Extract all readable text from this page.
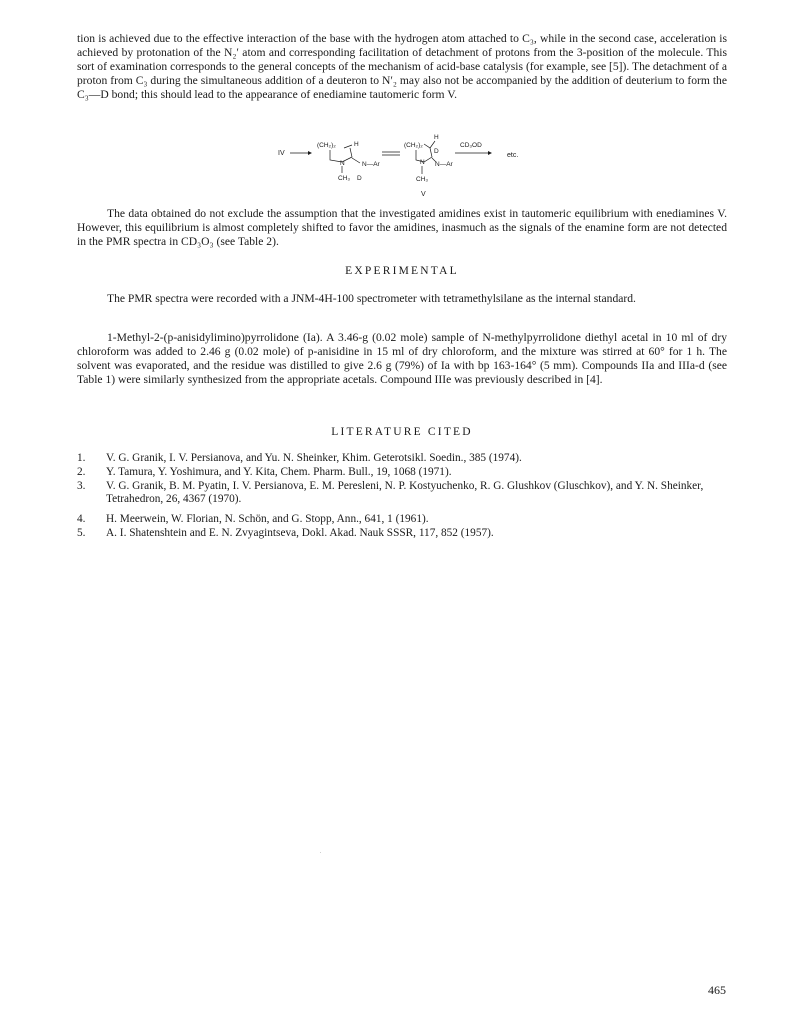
tion is achieved due to the effective interaction of the base with the hydrogen atom attached to C₃, while in the second case, acceleration is achieved by protonation of the N₂′ atom and corresponding facilitation of detachment of protons from the 3-position of the molecule. This sort of examination corresponds to the general concepts of the mechanism of acid-base catalysis (for example, see [5]). The detachment of a proton from C₃ during the simultaneous addition of a deuteron to N′₂ may also not be accompanied by the addition of deuterium to form the C₃—D bond; this should lead to the appearance of enediamine tautomeric form V.

IV
(CH₂)₂	H
N—Ar
N
CH₃ D
(CH₂)₂
H
D
N—Ar
N
CH₃
V
CD₃OD
etc.

The data obtained do not exclude the assumption that the investigated amidines exist in tautomeric equilibrium with enediamines V. However, this equilibrium is almost completely shifted to favor the amidines, inasmuch as the signals of the enamine form are not detected in the PMR spectra in CD₃O₃ (see Table 2).

EXPERIMENTAL

The PMR spectra were recorded with a JNM-4H-100 spectrometer with tetramethylsilane as the internal standard.

1-Methyl-2-(p-anisidylimino)pyrrolidone (Ia). A 3.46-g (0.02 mole) sample of N-methylpyrrolidone diethyl acetal in 10 ml of dry chloroform was added to 2.46 g (0.02 mole) of p-anisidine in 15 ml of dry chloroform, and the mixture was stirred at 60° for 1 h. The solvent was evaporated, and the residue was distilled to give 2.6 g (79%) of Ia with bp 163-164° (5 mm). Compounds IIa and IIIa-d (see Table 1) were similarly synthesized from the appropriate acetals. Compound IIIe was previously described in [4].

LITERATURE CITED
1.	V. G. Granik, I. V. Persianova, and Yu. N. Sheinker, Khim. Geterotsikl. Soedin., 385 (1974).
2.	Y. Tamura, Y. Yoshimura, and Y. Kita, Chem. Pharm. Bull., 19, 1068 (1971).
3.	V. G. Granik, B. M. Pyatin, I. V. Persianova, E. M. Peresleni, N. P. Kostyuchenko, R. G. Glushkov (Gluschkov), and Y. N. Sheinker, Tetrahedron, 26, 4367 (1970).
4.	H. Meerwein, W. Florian, N. Schön, and G. Stopp, Ann., 641, 1 (1961).
5.	A. I. Shatenshtein and E. N. Zvyagintseva, Dokl. Akad. Nauk SSSR, 117, 852 (1957).
465
